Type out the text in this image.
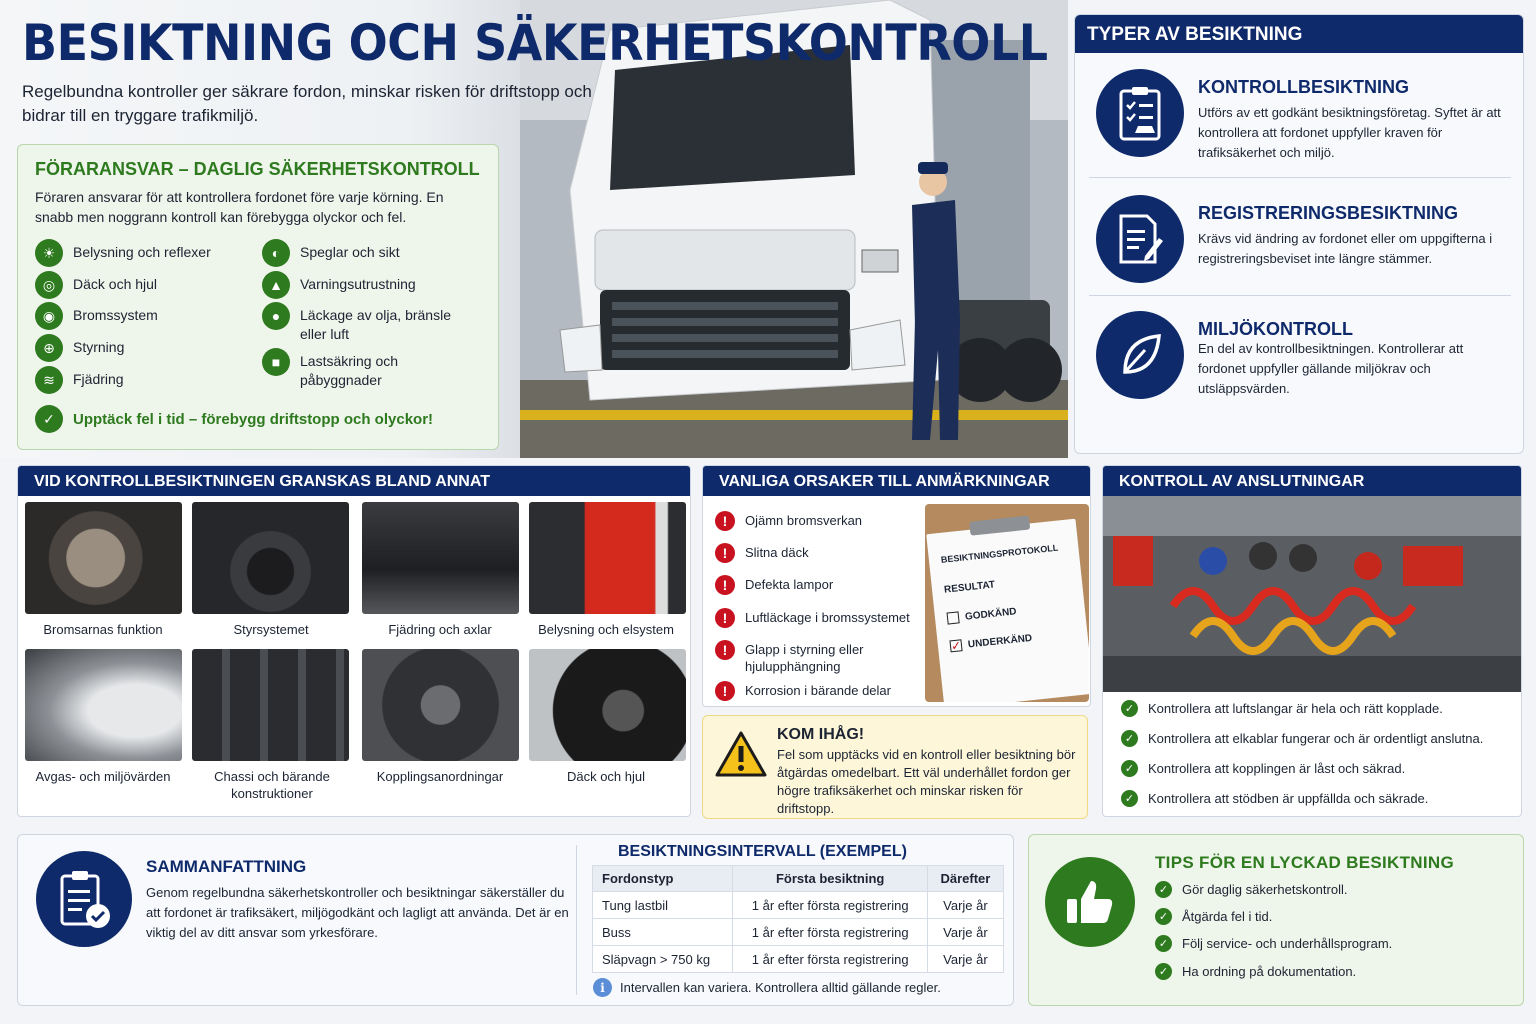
BESIKTNING OCH SÄKERHETSKONTROLL
Regelbundna kontroller ger säkrare fordon, minskar risken för driftstopp och bidrar till en tryggare trafikmiljö.
FÖRARANSVAR – DAGLIG SÄKERHETSKONTROLL
Föraren ansvarar för att kontrollera fordonet före varje körning. En snabb men noggrann kontroll kan förebygga olyckor och fel.
☀	Belysning och reflexer
◎	Däck och hjul
◉	Bromssystem
⊕	Styrning
≋	Fjädring
◐	Speglar och sikt
▲	Varningsutrustning
●	Läckage av olja, bränsle eller luft
■	Lastsäkring och påbyggnader
✓	Upptäck fel i tid – förebygg driftstopp och olyckor!
TYPER AV BESIKTNING
KONTROLLBESIKTNING
Utförs av ett godkänt besiktningsföretag. Syftet är att kontrollera att fordonet uppfyller kraven för trafiksäkerhet och miljö.
REGISTRERINGSBESIKTNING
Krävs vid ändring av fordonet eller om uppgifterna i registreringsbeviset inte längre stämmer.
MILJÖKONTROLL
En del av kontrollbesiktningen. Kontrollerar att fordonet uppfyller gällande miljökrav och utsläppsvärden.
VID KONTROLLBESIKTNINGEN GRANSKAS BLAND ANNAT
Bromsarnas funktion	Styrsystemet	Fjädring och axlar	Belysning och elsystem
Avgas- och miljövärden	Chassi och bärande konstruktioner
Kopplingsanordningar	Däck och hjul
VANLIGA ORSAKER TILL ANMÄRKNINGAR
!	Ojämn bromsverkan
!	Slitna däck
!	Defekta lampor
!	Luftläckage i bromssystemet
!	Glapp i styrning eller hjulupphängning
!	Korrosion i bärande delar
BESIKTNINGSPROTOKOLL
RESULTAT
GODKÄND
✓ UNDERKÄND
KOM IHÅG!
Fel som upptäcks vid en kontroll eller besiktning bör åtgärdas omedelbart. Ett väl underhållet fordon ger högre trafiksäkerhet och minskar risken för driftstopp.
KONTROLL AV ANSLUTNINGAR
✓ Kontrollera att luftslangar är hela och rätt kopplade.
✓ Kontrollera att elkablar fungerar och är ordentligt anslutna.
✓ Kontrollera att kopplingen är låst och säkrad.
✓ Kontrollera att stödben är uppfällda och säkrade.
SAMMANFATTNING
Genom regelbundna säkerhetskontroller och besiktningar säkerställer du att fordonet är trafiksäkert, miljögodkänt och lagligt att använda. Det är en viktig del av ditt ansvar som yrkesförare.
BESIKTNINGSINTERVALL (EXEMPEL)
Fordonstyp	Första besiktning	Därefter
Tung lastbil	1 år efter första registrering	Varje år
Buss	1 år efter första registrering	Varje år
Släpvagn > 750 kg	1 år efter första registrering	Varje år
i	Intervallen kan variera. Kontrollera alltid gällande regler.
TIPS FÖR EN LYCKAD BESIKTNING
✓ Gör daglig säkerhetskontroll.
✓ Åtgärda fel i tid.
✓ Följ service- och underhållsprogram.
✓ Ha ordning på dokumentation.
